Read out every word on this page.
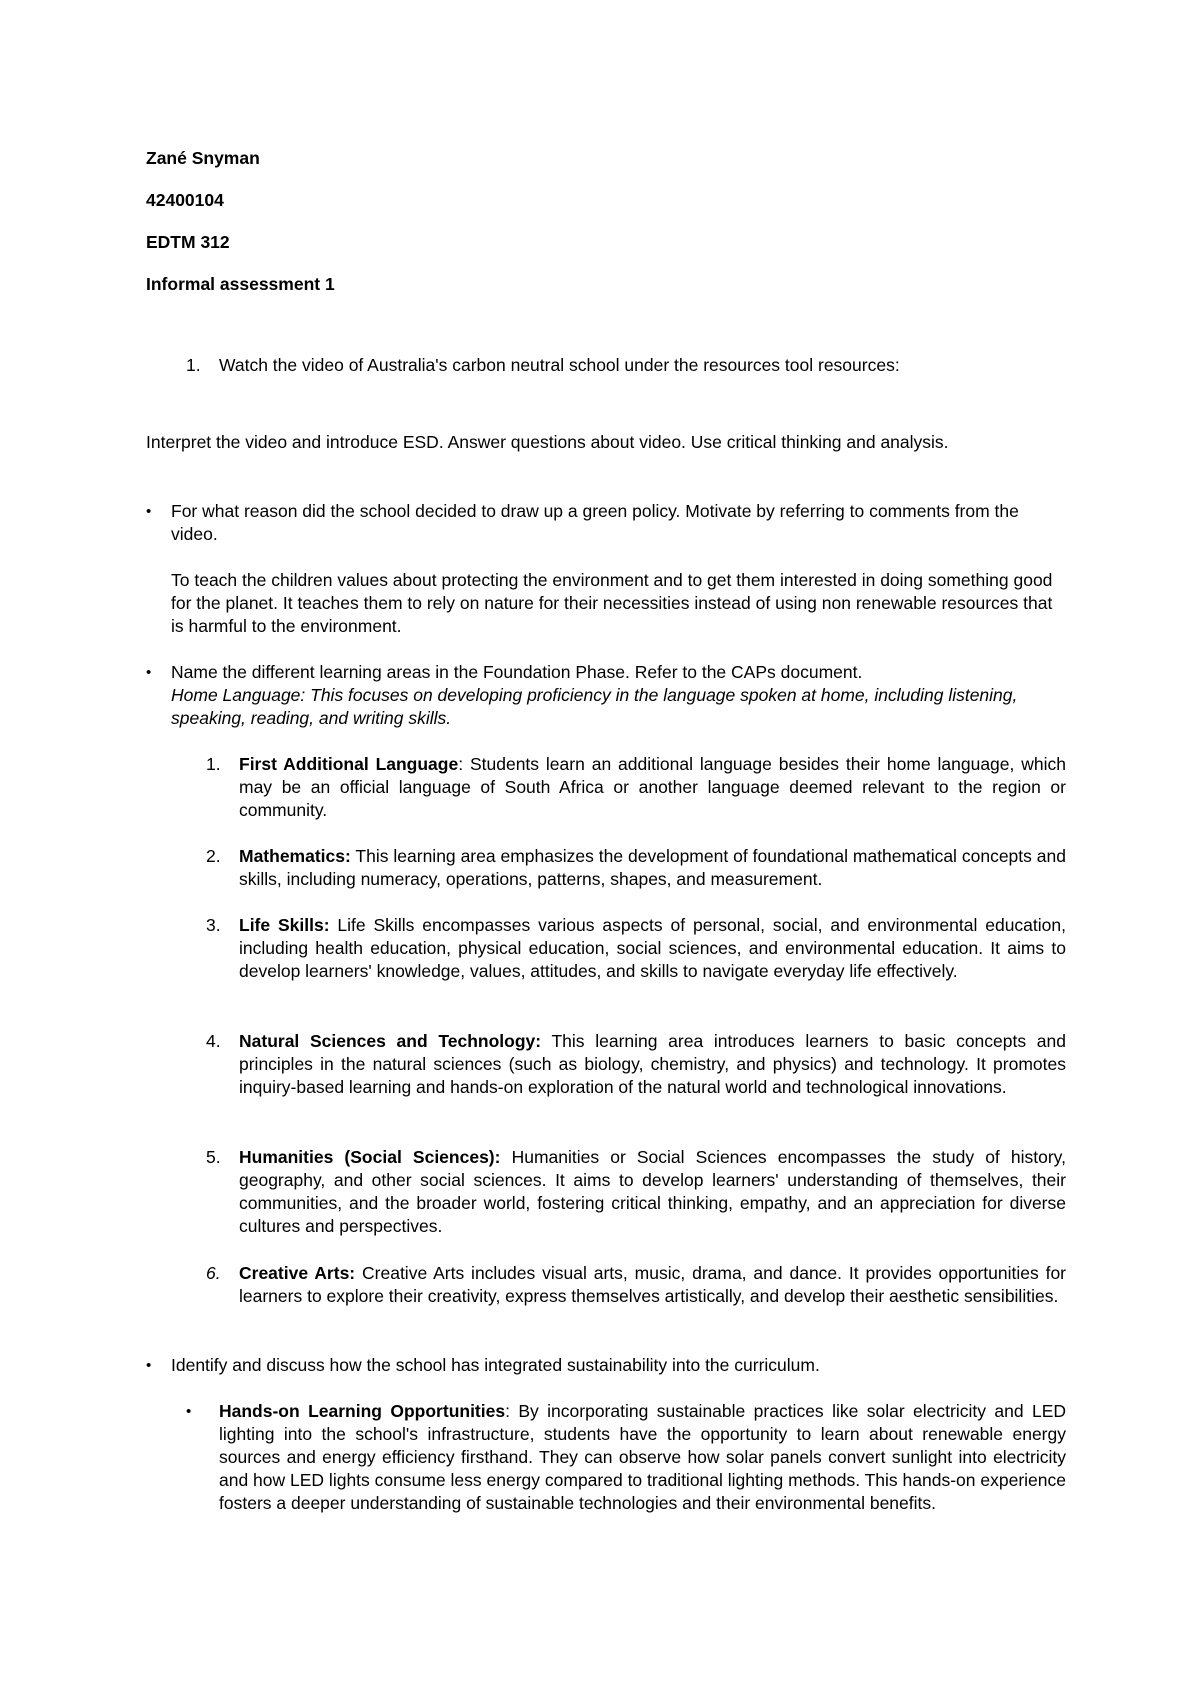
Zané Snyman
42400104
EDTM 312
Informal assessment 1
1. Watch the video of Australia's carbon neutral school under the resources tool resources:
Interpret the video and introduce ESD. Answer questions about video. Use critical thinking and analysis.
• For what reason did the school decided to draw up a green policy. Motivate by referring to comments from the video.
To teach the children values about protecting the environment and to get them interested in doing something good for the planet. It teaches them to rely on nature for their necessities instead of using non renewable resources that is harmful to the environment.
• Name the different learning areas in the Foundation Phase. Refer to the CAPs document.
Home Language: This focuses on developing proficiency in the language spoken at home, including listening, speaking, reading, and writing skills.
1. First Additional Language: Students learn an additional language besides their home language, which may be an official language of South Africa or another language deemed relevant to the region or community.
2. Mathematics: This learning area emphasizes the development of foundational mathematical concepts and skills, including numeracy, operations, patterns, shapes, and measurement.
3. Life Skills: Life Skills encompasses various aspects of personal, social, and environmental education, including health education, physical education, social sciences, and environmental education. It aims to develop learners' knowledge, values, attitudes, and skills to navigate everyday life effectively.
4. Natural Sciences and Technology: This learning area introduces learners to basic concepts and principles in the natural sciences (such as biology, chemistry, and physics) and technology. It promotes inquiry-based learning and hands-on exploration of the natural world and technological innovations.
5. Humanities (Social Sciences): Humanities or Social Sciences encompasses the study of history, geography, and other social sciences. It aims to develop learners' understanding of themselves, their communities, and the broader world, fostering critical thinking, empathy, and an appreciation for diverse cultures and perspectives.
6. Creative Arts: Creative Arts includes visual arts, music, drama, and dance. It provides opportunities for learners to explore their creativity, express themselves artistically, and develop their aesthetic sensibilities.
• Identify and discuss how the school has integrated sustainability into the curriculum.
• Hands-on Learning Opportunities: By incorporating sustainable practices like solar electricity and LED lighting into the school's infrastructure, students have the opportunity to learn about renewable energy sources and energy efficiency firsthand. They can observe how solar panels convert sunlight into electricity and how LED lights consume less energy compared to traditional lighting methods. This hands-on experience fosters a deeper understanding of sustainable technologies and their environmental benefits.
